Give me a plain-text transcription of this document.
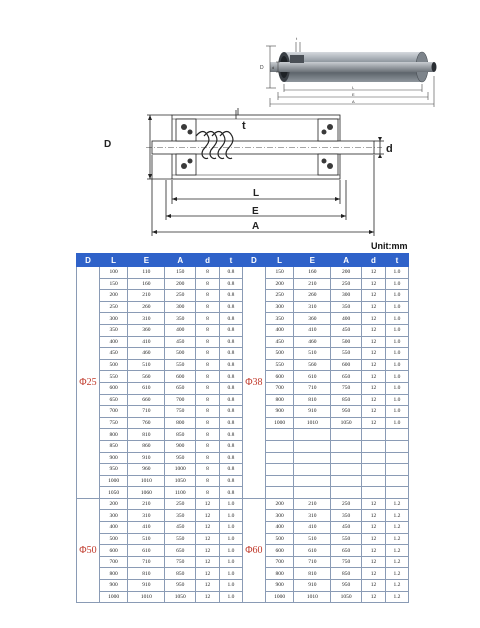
D d
t
L
E
A
D
t
d
L
E
A
Unit:mm
D	L	E	A	d	t	D	L	E	A	d	t
Φ25	100	110	150	8	0.8	Φ38	150	160	200	12	1.0
	150	160	200	8	0.8		200	210	250	12	1.0
	200	210	250	8	0.8		250	260	300	12	1.0
	250	260	300	8	0.8		300	310	350	12	1.0
	300	310	350	8	0.8		350	360	400	12	1.0
	350	360	400	8	0.8		400	410	450	12	1.0
	400	410	450	8	0.8		450	460	500	12	1.0
	450	460	500	8	0.8		500	510	550	12	1.0
	500	510	550	8	0.8		550	560	600	12	1.0
	550	560	600	8	0.8		600	610	650	12	1.0
	600	610	650	8	0.8		700	710	750	12	1.0
	650	660	700	8	0.8		800	810	850	12	1.0
	700	710	750	8	0.8		900	910	950	12	1.0
	750	760	800	8	0.8		1000	1010	1050	12	1.0
	800	810	850	8	0.8						
	850	860	900	8	0.8						
	900	910	950	8	0.8						
	950	960	1000	8	0.8						
	1000	1010	1050	8	0.8						
	1050	1060	1100	8	0.8						
Φ50	200	210	250	12	1.0	Φ60	200	210	250	12	1.2
	300	310	350	12	1.0		300	310	350	12	1.2
	400	410	450	12	1.0		400	410	450	12	1.2
	500	510	550	12	1.0		500	510	550	12	1.2
	600	610	650	12	1.0		600	610	650	12	1.2
	700	710	750	12	1.0		700	710	750	12	1.2
	800	810	850	12	1.0		800	810	850	12	1.2
	900	910	950	12	1.0		900	910	950	12	1.2
	1000	1010	1050	12	1.0		1000	1010	1050	12	1.2
